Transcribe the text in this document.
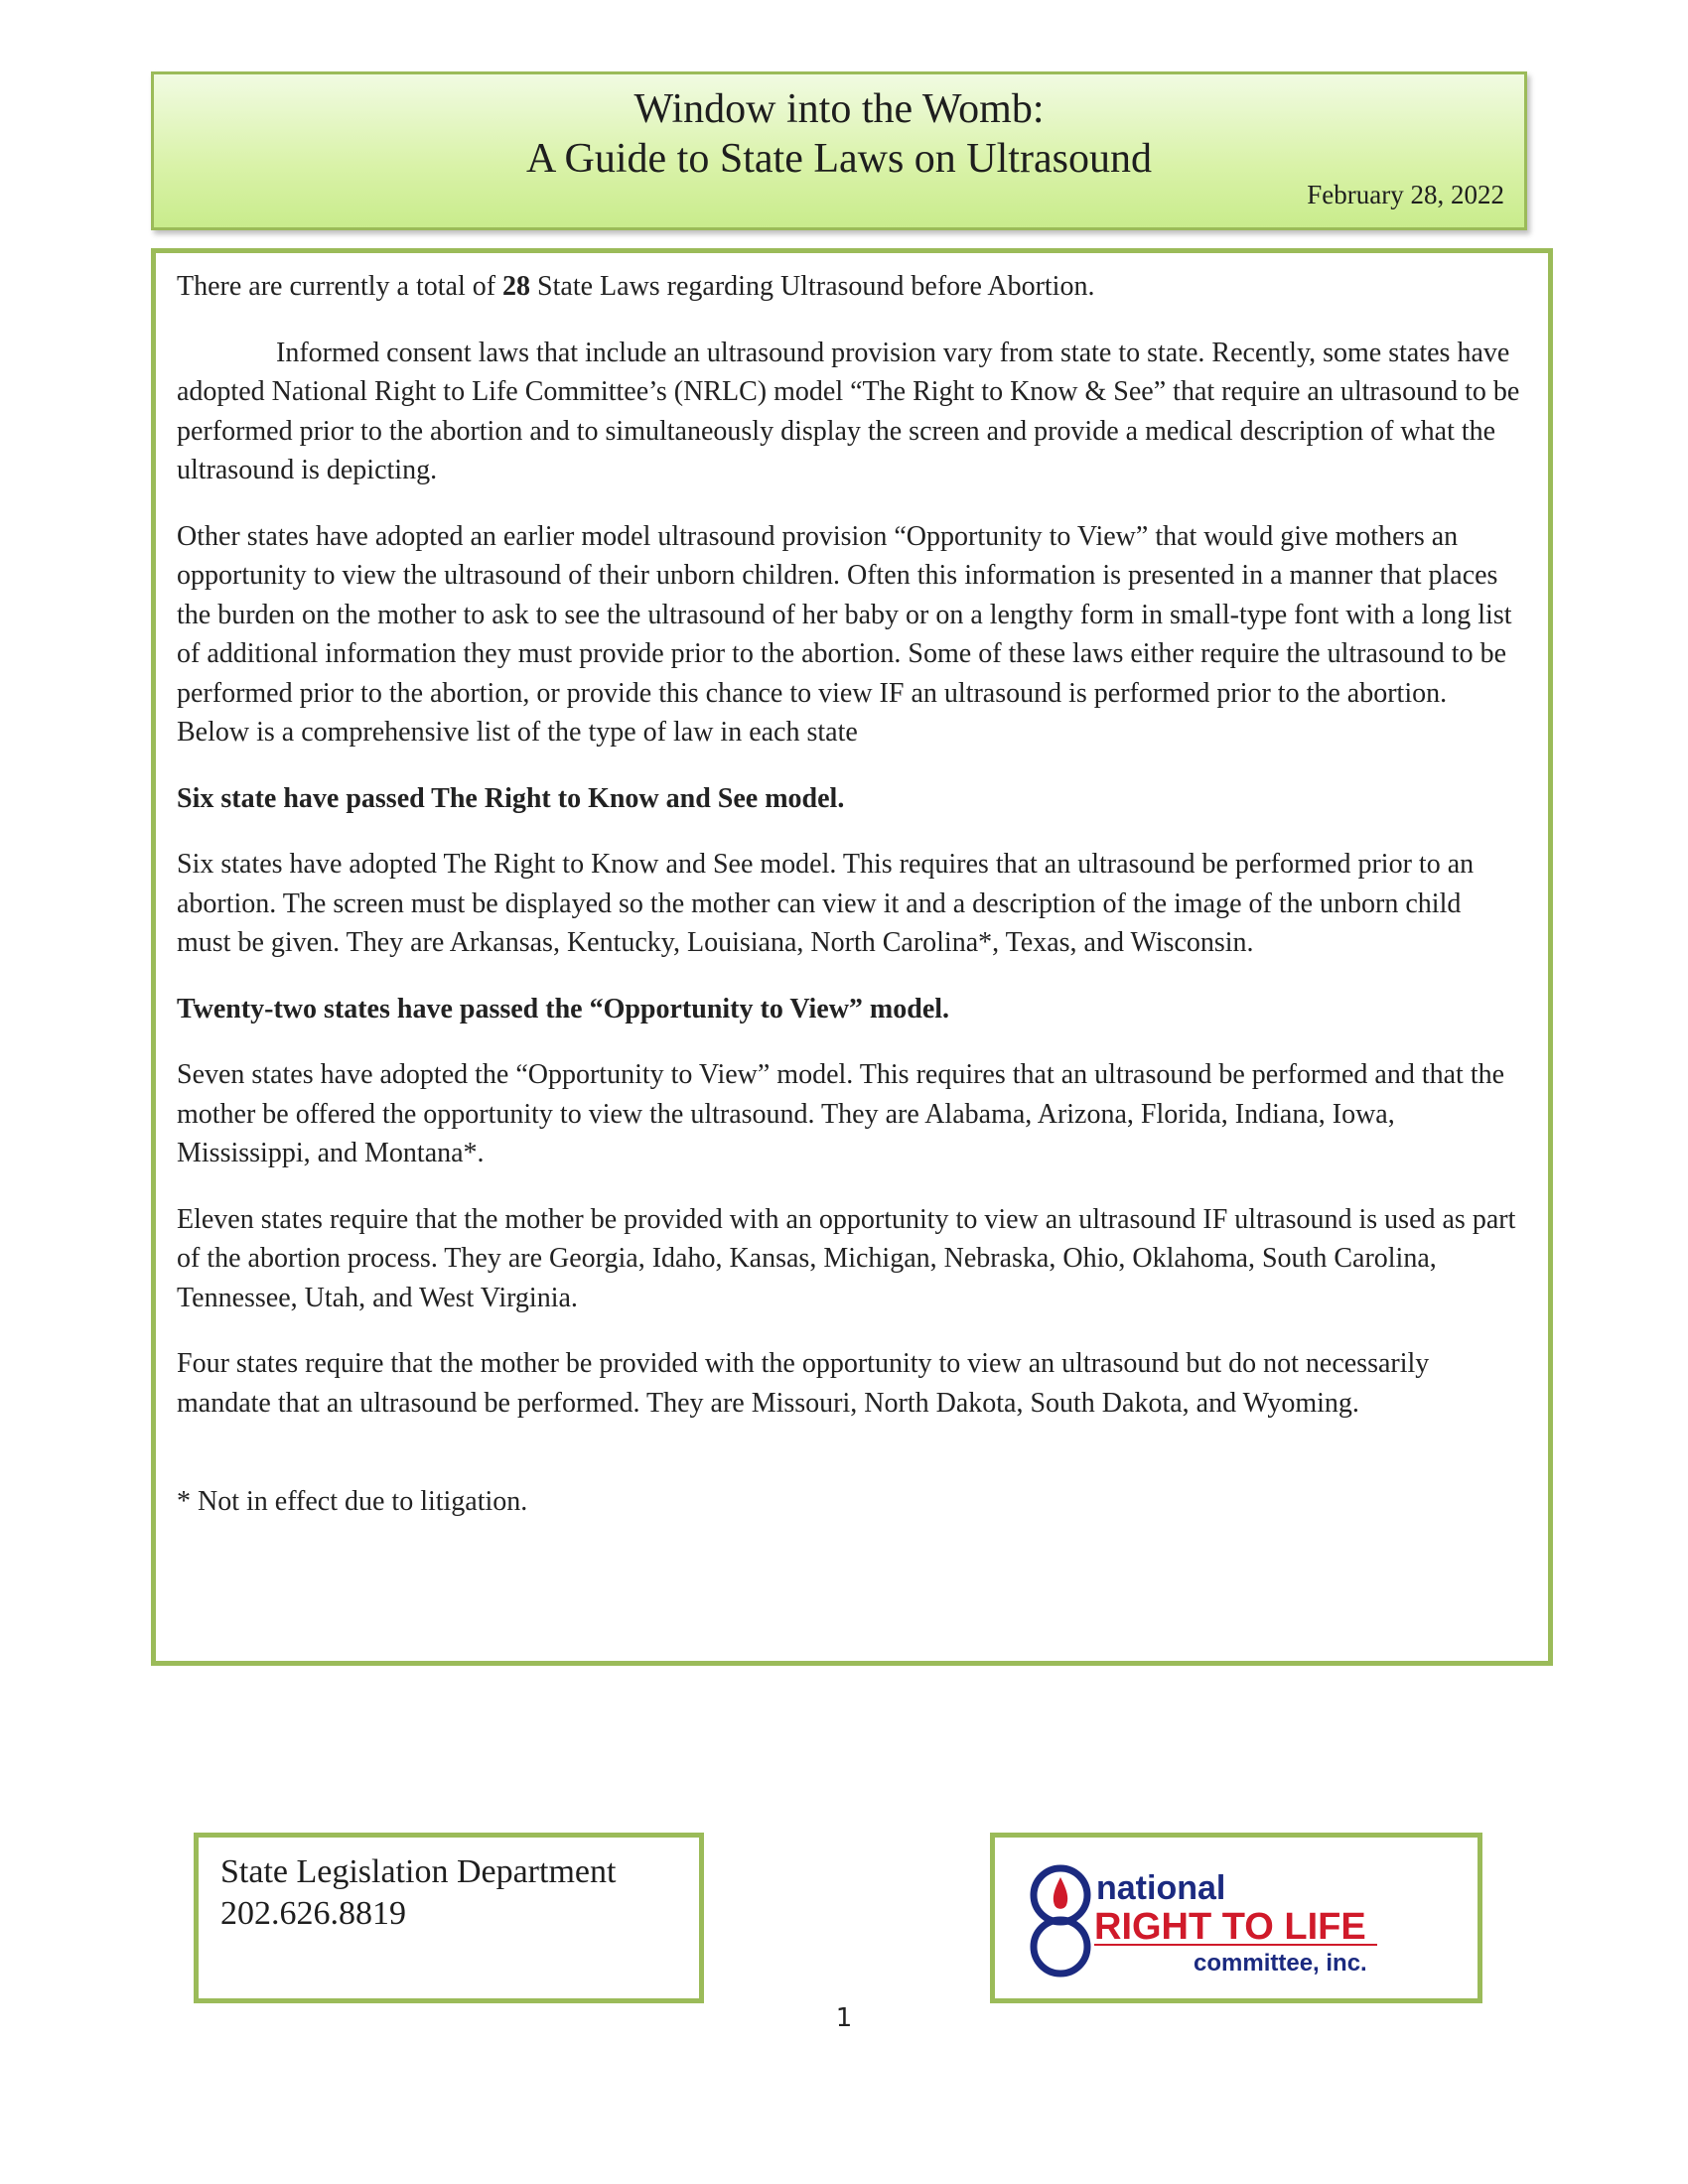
Window into the Womb:
A Guide to State Laws on Ultrasound
February 28, 2022

There are currently a total of 28 State Laws regarding Ultrasound before Abortion.

Informed consent laws that include an ultrasound provision vary from state to state. Recently, some states have adopted National Right to Life Committee’s (NRLC) model “The Right to Know & See” that require an ultrasound to be performed prior to the abortion and to simultaneously display the screen and provide a medical description of what the ultrasound is depicting.

Other states have adopted an earlier model ultrasound provision “Opportunity to View” that would give mothers an opportunity to view the ultrasound of their unborn children. Often this information is presented in a manner that places the burden on the mother to ask to see the ultrasound of her baby or on a lengthy form in small-type font with a long list of additional information they must provide prior to the abortion. Some of these laws either require the ultrasound to be performed prior to the abortion, or provide this chance to view IF an ultrasound is performed prior to the abortion. Below is a comprehensive list of the type of law in each state

Six state have passed The Right to Know and See model.

Six states have adopted The Right to Know and See model. This requires that an ultrasound be performed prior to an abortion. The screen must be displayed so the mother can view it and a description of the image of the unborn child must be given. They are Arkansas, Kentucky, Louisiana, North Carolina*, Texas, and Wisconsin.

Twenty-two states have passed the “Opportunity to View” model.

Seven states have adopted the “Opportunity to View” model. This requires that an ultrasound be performed and that the mother be offered the opportunity to view the ultrasound. They are Alabama, Arizona, Florida, Indiana, Iowa, Mississippi, and Montana*.

Eleven states require that the mother be provided with an opportunity to view an ultrasound IF ultrasound is used as part of the abortion process. They are Georgia, Idaho, Kansas, Michigan, Nebraska, Ohio, Oklahoma, South Carolina, Tennessee, Utah, and West Virginia.

Four states require that the mother be provided with the opportunity to view an ultrasound but do not necessarily mandate that an ultrasound be performed. They are Missouri, North Dakota, South Dakota, and Wyoming.

* Not in effect due to litigation.

State Legislation Department
202.626.8819
national
RIGHT TO LIFE
committee, inc.
1
